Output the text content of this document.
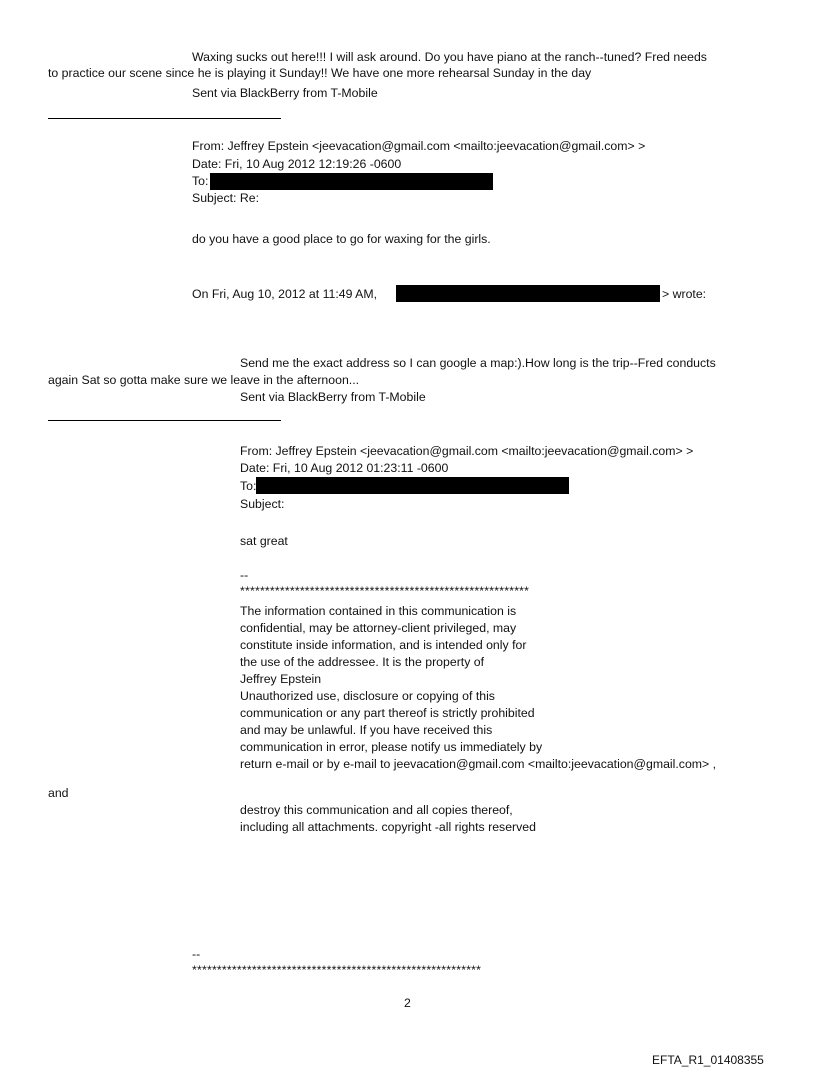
Waxing sucks out here!!! I will ask around. Do you have piano at the ranch--tuned? Fred needs
to practice our scene since he is playing it Sunday!! We have one more rehearsal Sunday in the day
Sent via BlackBerry from T-Mobile
From: Jeffrey Epstein <jeevacation@gmail.com <mailto:jeevacation@gmail.com> >
Date: Fri, 10 Aug 2012 12:19:26 -0600
To:
Subject: Re:
do you have a good place to go for waxing for the girls.
On Fri, Aug 10, 2012 at 11:49 AM,	> wrote:
Send me the exact address so I can google a map:).How long is the trip--Fred conducts
again Sat so gotta make sure we leave in the afternoon...
Sent via BlackBerry from T-Mobile
From: Jeffrey Epstein <jeevacation@gmail.com <mailto:jeevacation@gmail.com> >
Date: Fri, 10 Aug 2012 01:23:11 -0600
To:
Subject:
sat great
--
**********************************************************
The information contained in this communication is
confidential, may be attorney-client privileged, may
constitute inside information, and is intended only for
the use of the addressee. It is the property of
Jeffrey Epstein
Unauthorized use, disclosure or copying of this
communication or any part thereof is strictly prohibited
and may be unlawful. If you have received this
communication in error, please notify us immediately by
return e-mail or by e-mail to jeevacation@gmail.com <mailto:jeevacation@gmail.com> ,
and
destroy this communication and all copies thereof,
including all attachments. copyright -all rights reserved
--
**********************************************************
2
EFTA_R1_01408355
